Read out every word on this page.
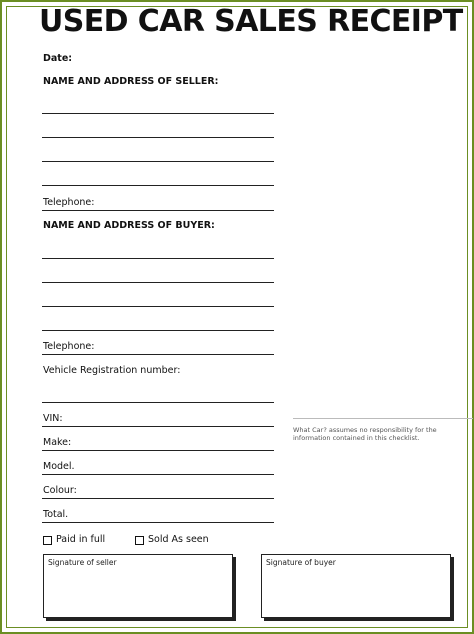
USED CAR SALES RECEIPT
Date:
NAME AND ADDRESS OF SELLER:
Telephone:
NAME AND ADDRESS OF BUYER:
Telephone:
Vehicle Registration number:
VIN:
Make:
Model.
Colour:
Total.
What Car? assumes no responsibility for the information contained in this checklist.
Paid in full	Sold As seen
Signature of seller	Signature of buyer
